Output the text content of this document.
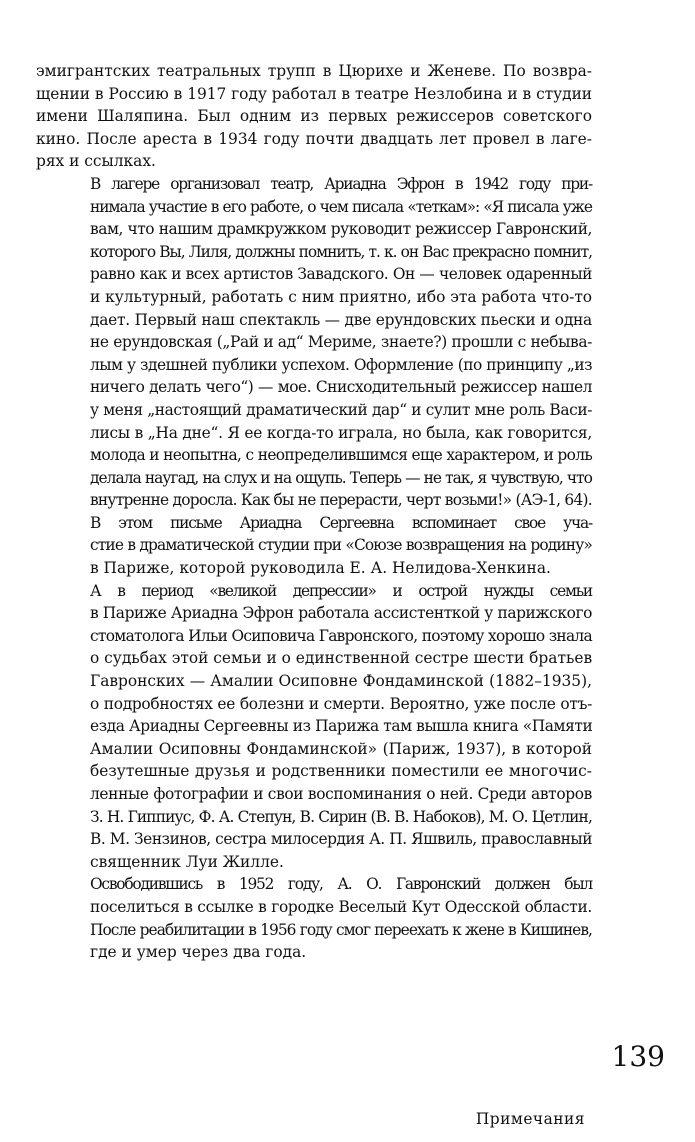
эмигрантских театральных трупп в Цюрихе и Женеве. По возвра-
щении в Россию в 1917 году работал в театре Незлобина и в студии
имени Шаляпина. Был одним из первых режиссеров советского
кино. После ареста в 1934 году почти двадцать лет провел в лаге-
рях и ссылках.
В лагере организовал театр, Ариадна Эфрон в 1942 году при-
нимала участие в его работе, о чем писала «теткам»: «Я писала уже
вам, что нашим драмкружком руководит режиссер Гавронский,
которого Вы, Лиля, должны помнить, т. к. он Вас прекрасно помнит,
равно как и всех артистов Завадского. Он — человек одаренный
и культурный, работать с ним приятно, ибо эта работа что-то
дает. Первый наш спектакль — две ерундовских пьески и одна
не ерундовская („Рай и ад“ Мериме, знаете?) прошли с небыва-
лым у здешней публики успехом. Оформление (по принципу „из
ничего делать чего“) — мое. Снисходительный режиссер нашел
у меня „настоящий драматический дар“ и сулит мне роль Васи-
лисы в „На дне“. Я ее когда-то играла, но была, как говорится,
молода и неопытна, с неопределившимся еще характером, и роль
делала наугад, на слух и на ощупь. Теперь — не так, я чувствую, что
внутренне доросла. Как бы не перерасти, черт возьми!» (АЭ-1, 64).
В этом письме Ариадна Сергеевна вспоминает свое уча-
стие в драматической студии при «Союзе возвращения на родину»
в Париже, которой руководила Е. А. Нелидова-Хенкина.
А в период «великой депрессии» и острой нужды семьи
в Париже Ариадна Эфрон работала ассистенткой у парижского
стоматолога Ильи Осиповича Гавронского, поэтому хорошо знала
о судьбах этой семьи и о единственной сестре шести братьев
Гавронских — Амалии Осиповне Фондаминской (1882–1935),
о подробностях ее болезни и смерти. Вероятно, уже после отъ-
езда Ариадны Сергеевны из Парижа там вышла книга «Памяти
Амалии Осиповны Фондаминской» (Париж, 1937), в которой
безутешные друзья и родственники поместили ее многочис-
ленные фотографии и свои воспоминания о ней. Среди авторов
З. Н. Гиппиус, Ф. А. Степун, В. Сирин (В. В. Набоков), М. О. Цетлин,
В. М. Зензинов, сестра милосердия А. П. Яшвиль, православный
священник Луи Жилле.
Освободившись в 1952 году, А. О. Гавронский должен был
поселиться в ссылке в городке Веселый Кут Одесской области.
После реабилитации в 1956 году смог переехать к жене в Кишинев,
где и умер через два года.
139
Примечания
